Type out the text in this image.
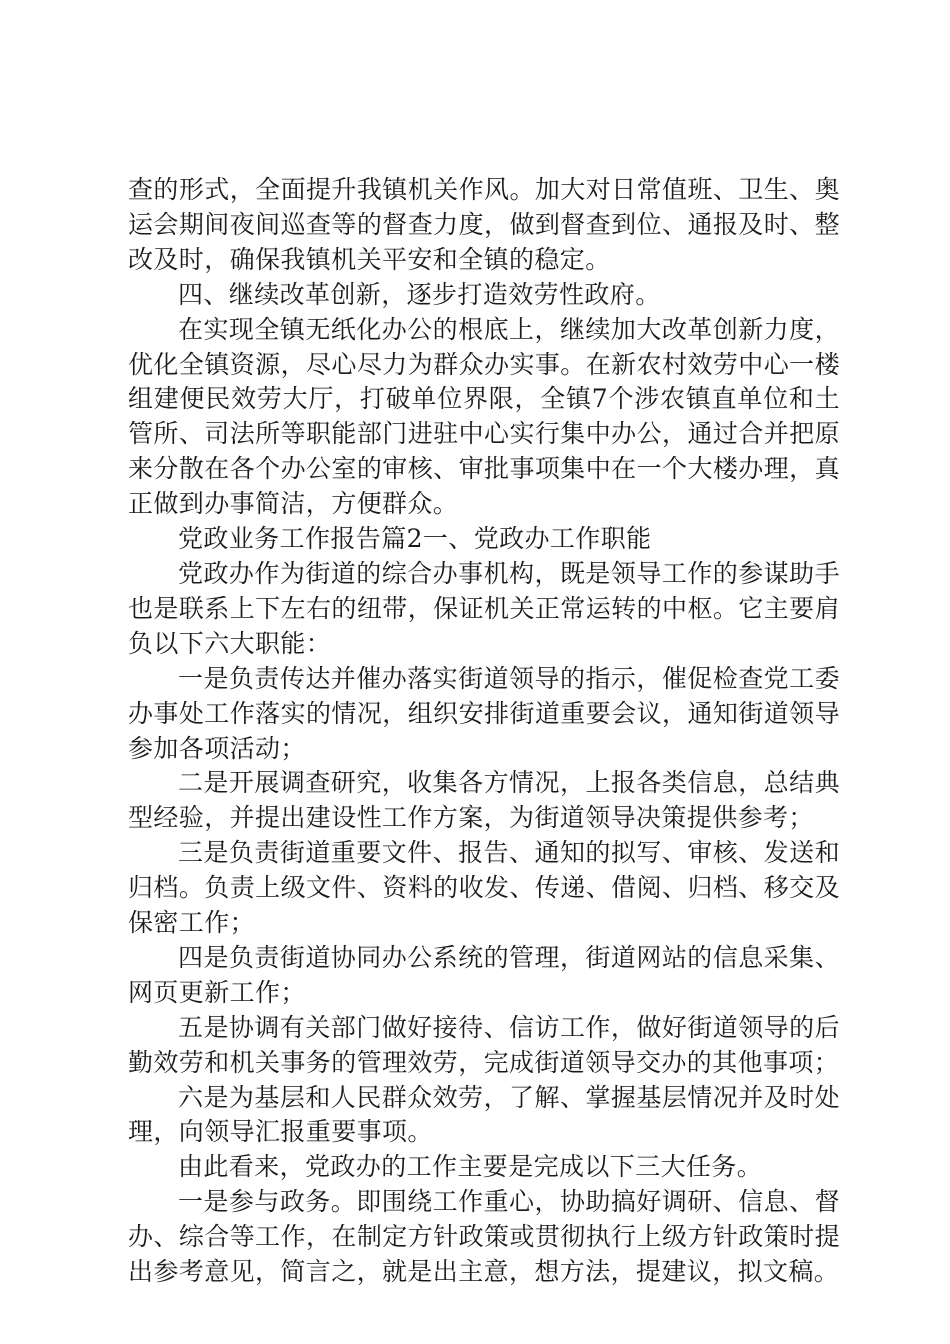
查的形式，全面提升我镇机关作风。加大对日常值班、卫生、奥运会期间夜间巡查等的督查力度，做到督查到位、通报及时、整改及时，确保我镇机关平安和全镇的稳定。

四、继续改革创新，逐步打造效劳性政府。

在实现全镇无纸化办公的根底上，继续加大改革创新力度，优化全镇资源，尽心尽力为群众办实事。在新农村效劳中心一楼组建便民效劳大厅，打破单位界限，全镇7个涉农镇直单位和土管所、司法所等职能部门进驻中心实行集中办公，通过合并把原来分散在各个办公室的审核、审批事项集中在一个大楼办理，真正做到办事简洁，方便群众。

党政业务工作报告篇2一、党政办工作职能

党政办作为街道的综合办事机构，既是领导工作的参谋助手也是联系上下左右的纽带，保证机关正常运转的中枢。它主要肩负以下六大职能：

一是负责传达并催办落实街道领导的指示，催促检查党工委办事处工作落实的情况，组织安排街道重要会议，通知街道领导参加各项活动；

二是开展调查研究，收集各方情况，上报各类信息，总结典型经验，并提出建设性工作方案，为街道领导决策提供参考；

三是负责街道重要文件、报告、通知的拟写、审核、发送和归档。负责上级文件、资料的收发、传递、借阅、归档、移交及保密工作；

四是负责街道协同办公系统的管理，街道网站的信息采集、网页更新工作；

五是协调有关部门做好接待、信访工作，做好街道领导的后勤效劳和机关事务的管理效劳，完成街道领导交办的其他事项；

六是为基层和人民群众效劳，了解、掌握基层情况并及时处理，向领导汇报重要事项。

由此看来，党政办的工作主要是完成以下三大任务。

一是参与政务。即围绕工作重心，协助搞好调研、信息、督办、综合等工作，在制定方针政策或贯彻执行上级方针政策时提出参考意见，简言之，就是出主意，想方法，提建议，拟文稿。
